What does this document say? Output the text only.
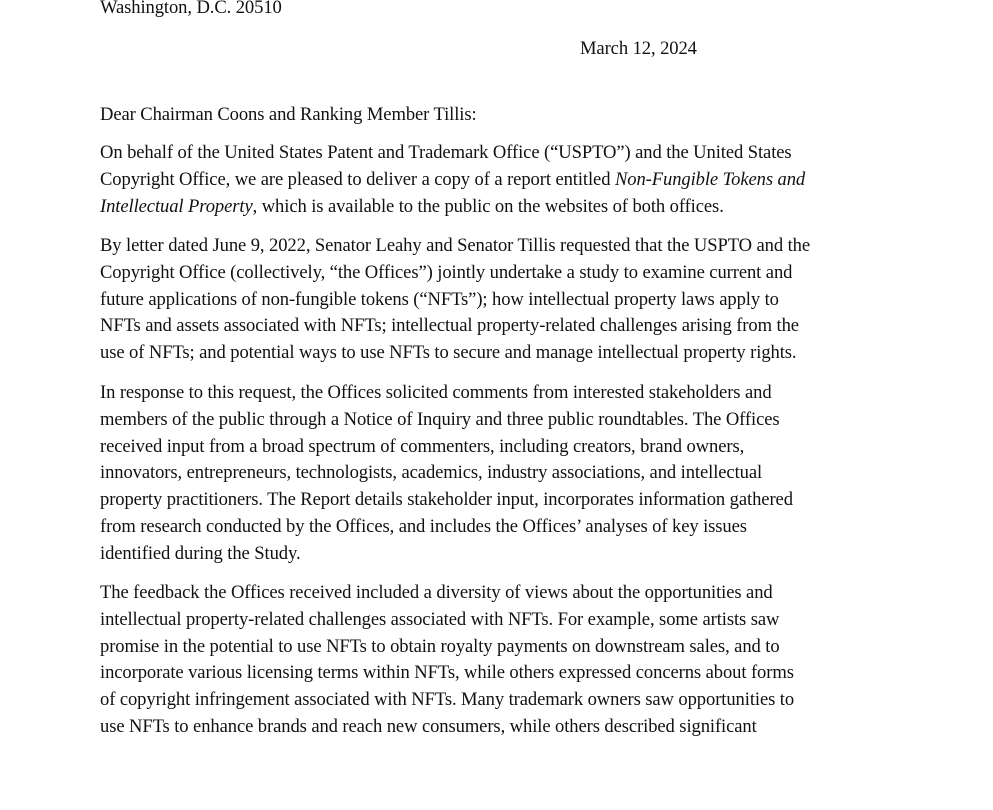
Washington, D.C. 20510
March 12, 2024
Dear Chairman Coons and Ranking Member Tillis:
On behalf of the United States Patent and Trademark Office (“USPTO”) and the United States
Copyright Office, we are pleased to deliver a copy of a report entitled Non-Fungible Tokens and
Intellectual Property, which is available to the public on the websites of both offices.
By letter dated June 9, 2022, Senator Leahy and Senator Tillis requested that the USPTO and the
Copyright Office (collectively, “the Offices”) jointly undertake a study to examine current and
future applications of non-fungible tokens (“NFTs”); how intellectual property laws apply to
NFTs and assets associated with NFTs; intellectual property-related challenges arising from the
use of NFTs; and potential ways to use NFTs to secure and manage intellectual property rights.
In response to this request, the Offices solicited comments from interested stakeholders and
members of the public through a Notice of Inquiry and three public roundtables. The Offices
received input from a broad spectrum of commenters, including creators, brand owners,
innovators, entrepreneurs, technologists, academics, industry associations, and intellectual
property practitioners. The Report details stakeholder input, incorporates information gathered
from research conducted by the Offices, and includes the Offices’ analyses of key issues
identified during the Study.
The feedback the Offices received included a diversity of views about the opportunities and
intellectual property-related challenges associated with NFTs. For example, some artists saw
promise in the potential to use NFTs to obtain royalty payments on downstream sales, and to
incorporate various licensing terms within NFTs, while others expressed concerns about forms
of copyright infringement associated with NFTs. Many trademark owners saw opportunities to
use NFTs to enhance brands and reach new consumers, while others described significant
